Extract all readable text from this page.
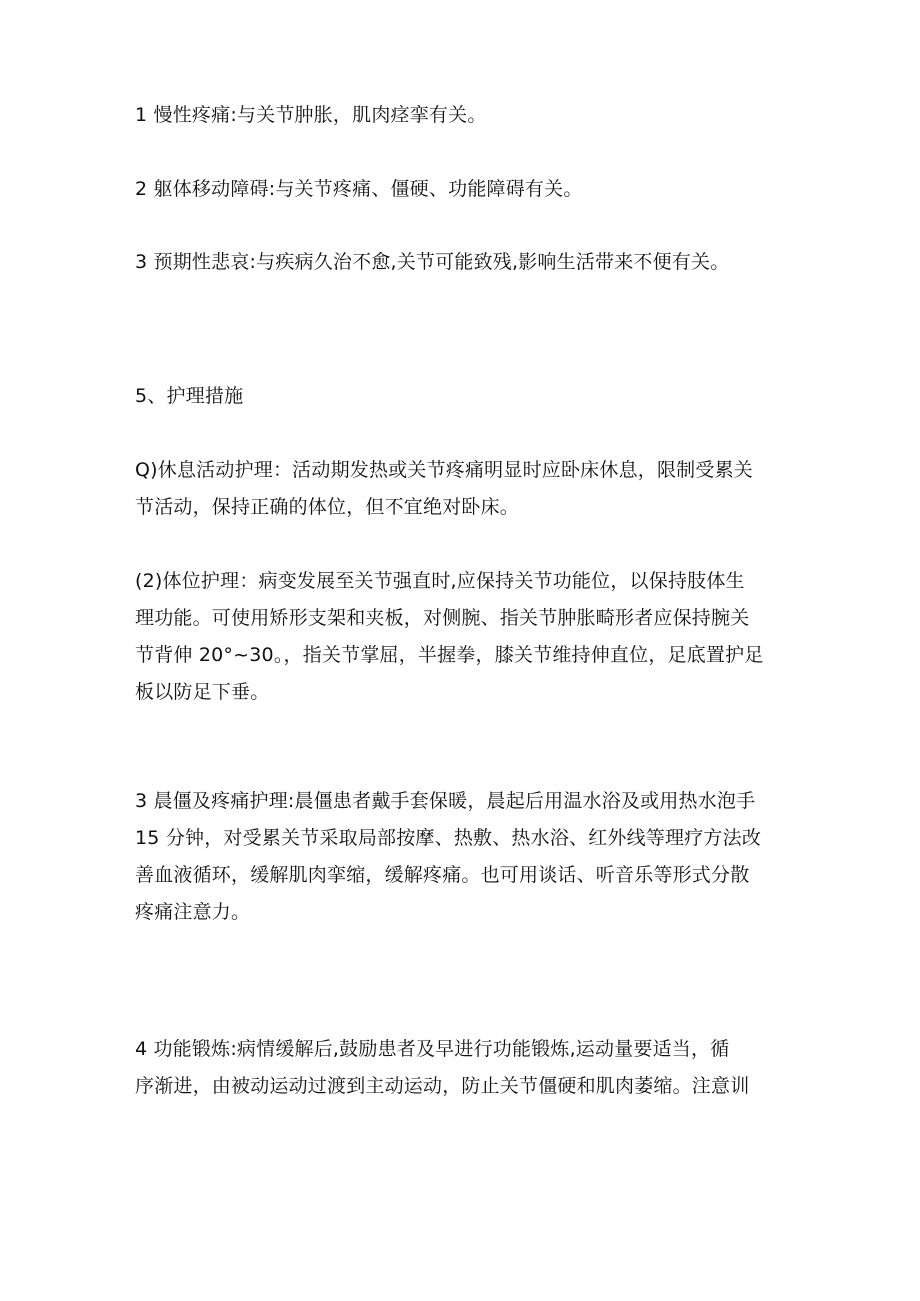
1 慢性疼痛:与关节肿胀，肌肉痉挛有关。

2 躯体移动障碍:与关节疼痛、僵硬、功能障碍有关。

3 预期性悲哀:与疾病久治不愈,关节可能致残,影响生活带来不便有关。

5、护理措施

Q)休息活动护理：活动期发热或关节疼痛明显时应卧床休息，限制受累关
节活动，保持正确的体位，但不宜绝对卧床。

(2)体位护理：病变发展至关节强直时,应保持关节功能位，以保持肢体生
理功能。可使用矫形支架和夹板，对侧腕、指关节肿胀畸形者应保持腕关
节背伸 20°~30。，指关节掌屈，半握拳，膝关节维持伸直位，足底置护足
板以防足下垂。

3 晨僵及疼痛护理:晨僵患者戴手套保暖，晨起后用温水浴及或用热水泡手
15 分钟，对受累关节采取局部按摩、热敷、热水浴、红外线等理疗方法改
善血液循环，缓解肌肉挛缩，缓解疼痛。也可用谈话、听音乐等形式分散
疼痛注意力。

4 功能锻炼:病情缓解后,鼓励患者及早进行功能锻炼,运动量要适当，循
序渐进，由被动运动过渡到主动运动，防止关节僵硬和肌肉萎缩。注意训
